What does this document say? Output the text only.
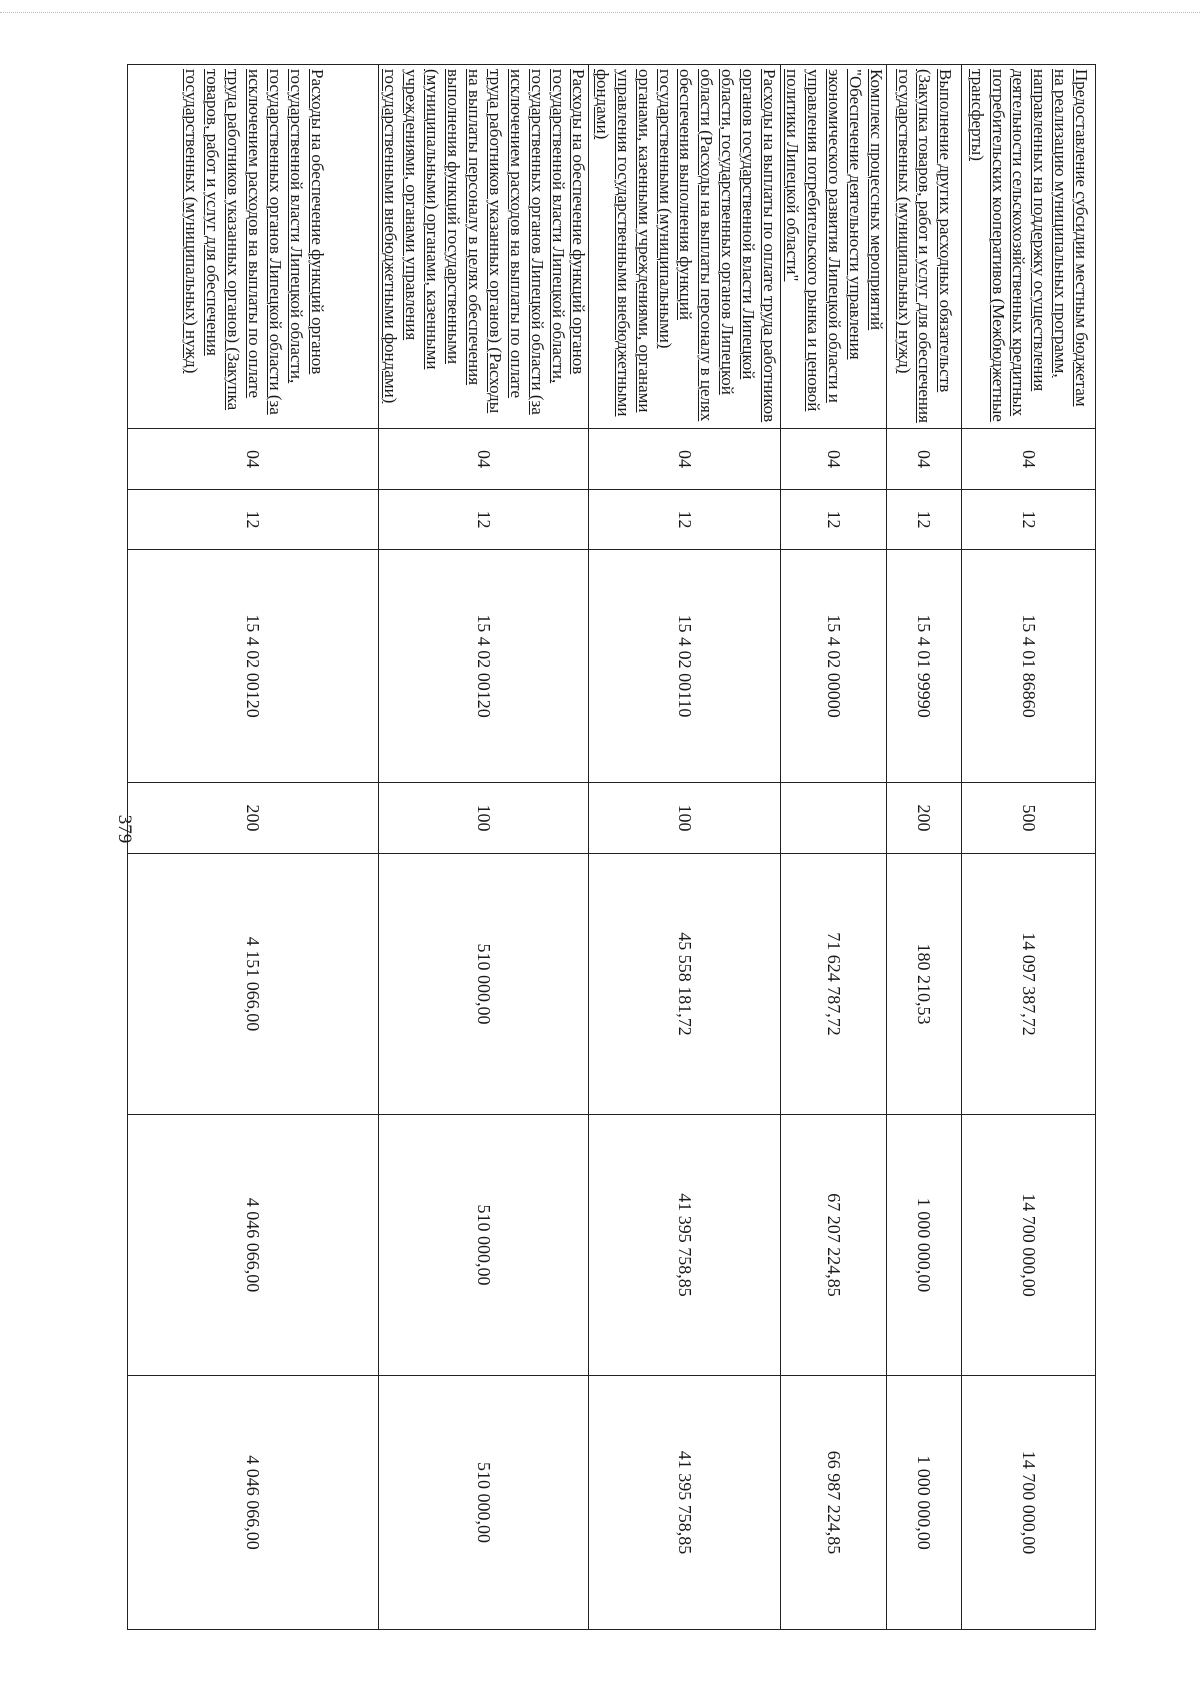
379
Предоставление субсидии местным бюджетам на реализацию муниципальных программ, направленных на поддержку осуществления деятельности сельскохозяйственных кредитных потребительских кооперативов (Межбюджетные трансферты)	04	12	15 4 01 86860	500	14 097 387,72	14 700 000,00	14 700 000,00
Выполнение других расходных обязательств (Закупка товаров, работ и услуг для обеспечения государственных (муниципальных) нужд)	04	12	15 4 01 99990	200	180 210,53	1 000 000,00	1 000 000,00
Комплекс процессных мероприятий "Обеспечение деятельности управления экономического развития Липецкой области и управления потребительского рынка и ценовой политики Липецкой области"	04	12	15 4 02 00000		71 624 787,72	67 207 224,85	66 987 224,85
Расходы на выплаты по оплате труда работников органов государственной власти Липецкой области, государственных органов Липецкой области (Расходы на выплаты персоналу в целях обеспечения выполнения функций государственными (муниципальными) органами, казенными учреждениями, органами управления государственными внебюджетными фондами)	04	12	15 4 02 00110	100	45 558 181,72	41 395 758,85	41 395 758,85
Расходы на обеспечение функций органов государственной власти Липецкой области, государственных органов Липецкой области (за исключением расходов на выплаты по оплате труда работников указанных органов) (Расходы на выплаты персоналу в целях обеспечения выполнения функций государственными (муниципальными) органами, казенными учреждениями, органами управления государственными внебюджетными фондами)	04	12	15 4 02 00120	100	510 000,00	510 000,00	510 000,00
Расходы на обеспечение функций органов государственной власти Липецкой области, государственных органов Липецкой области (за исключением расходов на выплаты по оплате труда работников указанных органов) (Закупка товаров, работ и услуг для обеспечения государственных (муниципальных) нужд)	04	12	15 4 02 00120	200	4 151 066,00	4 046 066,00	4 046 066,00
